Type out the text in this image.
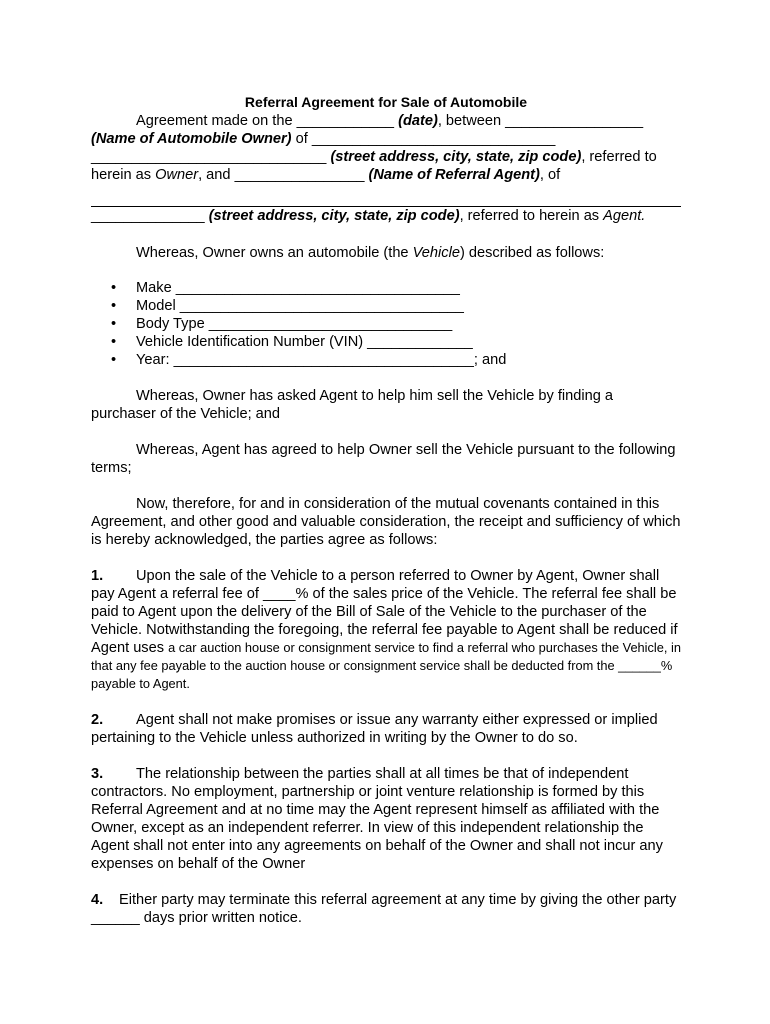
Referral Agreement for Sale of Automobile

Agreement made on the ____________ (date), between _________________ (Name of Automobile Owner) of ______________________________ _____________________________ (street address, city, state, zip code), referred to herein as Owner, and ________________ (Name of Referral Agent), of

______________ (street address, city, state, zip code), referred to herein as Agent.

Whereas, Owner owns an automobile (the Vehicle) described as follows:

• Make ___________________________________
• Model ___________________________________
• Body Type ______________________________
• Vehicle Identification Number (VIN) _____________
• Year: _____________________________________; and

Whereas, Owner has asked Agent to help him sell the Vehicle by finding a purchaser of the Vehicle; and

Whereas, Agent has agreed to help Owner sell the Vehicle pursuant to the following terms;

Now, therefore, for and in consideration of the mutual covenants contained in this Agreement, and other good and valuable consideration, the receipt and sufficiency of which is hereby acknowledged, the parties agree as follows:

1. Upon the sale of the Vehicle to a person referred to Owner by Agent, Owner shall pay Agent a referral fee of ____% of the sales price of the Vehicle. The referral fee shall be paid to Agent upon the delivery of the Bill of Sale of the Vehicle to the purchaser of the Vehicle. Notwithstanding the foregoing, the referral fee payable to Agent shall be reduced if Agent uses a car auction house or consignment service to find a referral who purchases the Vehicle, in that any fee payable to the auction house or consignment service shall be deducted from the ______% payable to Agent.

2. Agent shall not make promises or issue any warranty either expressed or implied pertaining to the Vehicle unless authorized in writing by the Owner to do so.

3. The relationship between the parties shall at all times be that of independent contractors. No employment, partnership or joint venture relationship is formed by this Referral Agreement and at no time may the Agent represent himself as affiliated with the Owner, except as an independent referrer. In view of this independent relationship the Agent shall not enter into any agreements on behalf of the Owner and shall not incur any expenses on behalf of the Owner

4. Either party may terminate this referral agreement at any time by giving the other party ______ days prior written notice.
